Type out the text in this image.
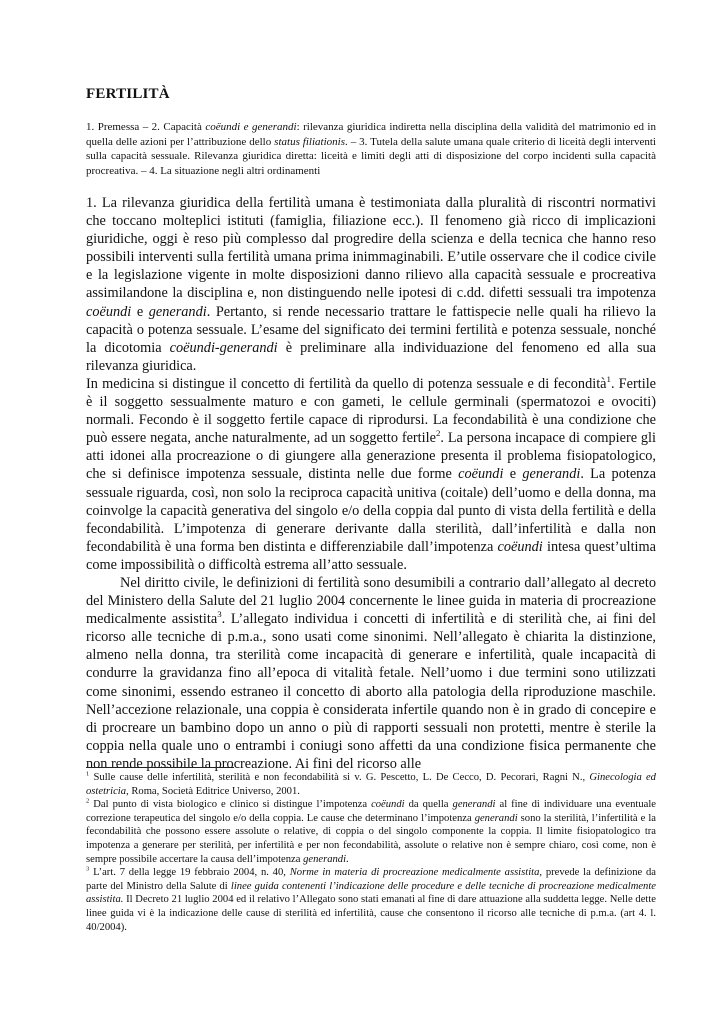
FERTILITÀ

1. Premessa – 2. Capacità coëundi e generandi: rilevanza giuridica indiretta nella disciplina della validità del matrimonio ed in quella delle azioni per l’attribuzione dello status filiationis. – 3. Tutela della salute umana quale criterio di liceità degli interventi sulla capacità sessuale. Rilevanza giuridica diretta: liceità e limiti degli atti di disposizione del corpo incidenti sulla capacità procreativa. – 4. La situazione negli altri ordinamenti

1. La rilevanza giuridica della fertilità umana è testimoniata dalla pluralità di riscontri normativi che toccano molteplici istituti (famiglia, filiazione ecc.). Il fenomeno già ricco di implicazioni giuridiche, oggi è reso più complesso dal progredire della scienza e della tecnica che hanno reso possibili interventi sulla fertilità umana prima inimmaginabili. E’utile osservare che il codice civile e la legislazione vigente in molte disposizioni danno rilievo alla capacità sessuale e procreativa assimilandone la disciplina e, non distinguendo nelle ipotesi di c.dd. difetti sessuali tra impotenza coëundi e generandi. Pertanto, si rende necessario trattare le fattispecie nelle quali ha rilievo la capacità o potenza sessuale. L’esame del significato dei termini fertilità e potenza sessuale, nonché la dicotomia coëundi-generandi è preliminare alla individuazione del fenomeno ed alla sua rilevanza giuridica.

In medicina si distingue il concetto di fertilità da quello di potenza sessuale e di fecondità$^1$. Fertile è il soggetto sessualmente maturo e con gameti, le cellule germinali (spermatozoi e ovociti) normali. Fecondo è il soggetto fertile capace di riprodursi. La fecondabilità è una condizione che può essere negata, anche naturalmente, ad un soggetto fertile$^2$. La persona incapace di compiere gli atti idonei alla procreazione o di giungere alla generazione presenta il problema fisiopatologico, che si definisce impotenza sessuale, distinta nelle due forme coëundi e generandi. La potenza sessuale riguarda, così, non solo la reciproca capacità unitiva (coitale) dell’uomo e della donna, ma coinvolge la capacità generativa del singolo e/o della coppia dal punto di vista della fertilità e della fecondabilità. L’impotenza di generare derivante dalla sterilità, dall’infertilità e dalla non fecondabilità è una forma ben distinta e differenziabile dall’impotenza coëundi intesa quest’ultima come impossibilità o difficoltà estrema all’atto sessuale.

Nel diritto civile, le definizioni di fertilità sono desumibili a contrario dall’allegato al decreto del Ministero della Salute del 21 luglio 2004 concernente le linee guida in materia di procreazione medicalmente assistita$^3$. L’allegato individua i concetti di infertilità e di sterilità che, ai fini del ricorso alle tecniche di p.m.a., sono usati come sinonimi. Nell’allegato è chiarita la distinzione, almeno nella donna, tra sterilità come incapacità di generare e infertilità, quale incapacità di condurre la gravidanza fino all’epoca di vitalità fetale. Nell’uomo i due termini sono utilizzati come sinonimi, essendo estraneo il concetto di aborto alla patologia della riproduzione maschile. Nell’accezione relazionale, una coppia è considerata infertile quando non è in grado di concepire e di procreare un bambino dopo un anno o più di rapporti sessuali non protetti, mentre è sterile la coppia nella quale uno o entrambi i coniugi sono affetti da una condizione fisica permanente che non rende possibile la procreazione. Ai fini del ricorso alle

$^1$ Sulle cause delle infertilità, sterilità e non fecondabilità si v. G. Pescetto, L. De Cecco, D. Pecorari, Ragni N., Ginecologia ed ostetricia, Roma, Società Editrice Universo, 2001.

$^2$ Dal punto di vista biologico e clinico si distingue l’impotenza coëundi da quella generandi al fine di individuare una eventuale correzione terapeutica del singolo e/o della coppia. Le cause che determinano l’impotenza generandi sono la sterilità, l’infertilità e la fecondabilità che possono essere assolute o relative, di coppia o del singolo componente la coppia. Il limite fisiopatologico tra impotenza a generare per sterilità, per infertilità e per non fecondabilità, assolute o relative non è sempre chiaro, così come, non è sempre possibile accertare la causa dell’impotenza generandi.

$^3$ L’art. 7 della legge 19 febbraio 2004, n. 40, Norme in materia di procreazione medicalmente assistita, prevede la definizione da parte del Ministro della Salute di linee guida contenenti l’indicazione delle procedure e delle tecniche di procreazione medicalmente assistita. Il Decreto 21 luglio 2004 ed il relativo l’Allegato sono stati emanati al fine di dare attuazione alla suddetta legge. Nelle dette linee guida vi è la indicazione delle cause di sterilità ed infertilità, cause che consentono il ricorso alle tecniche di p.m.a. (art 4. l. 40/2004).
